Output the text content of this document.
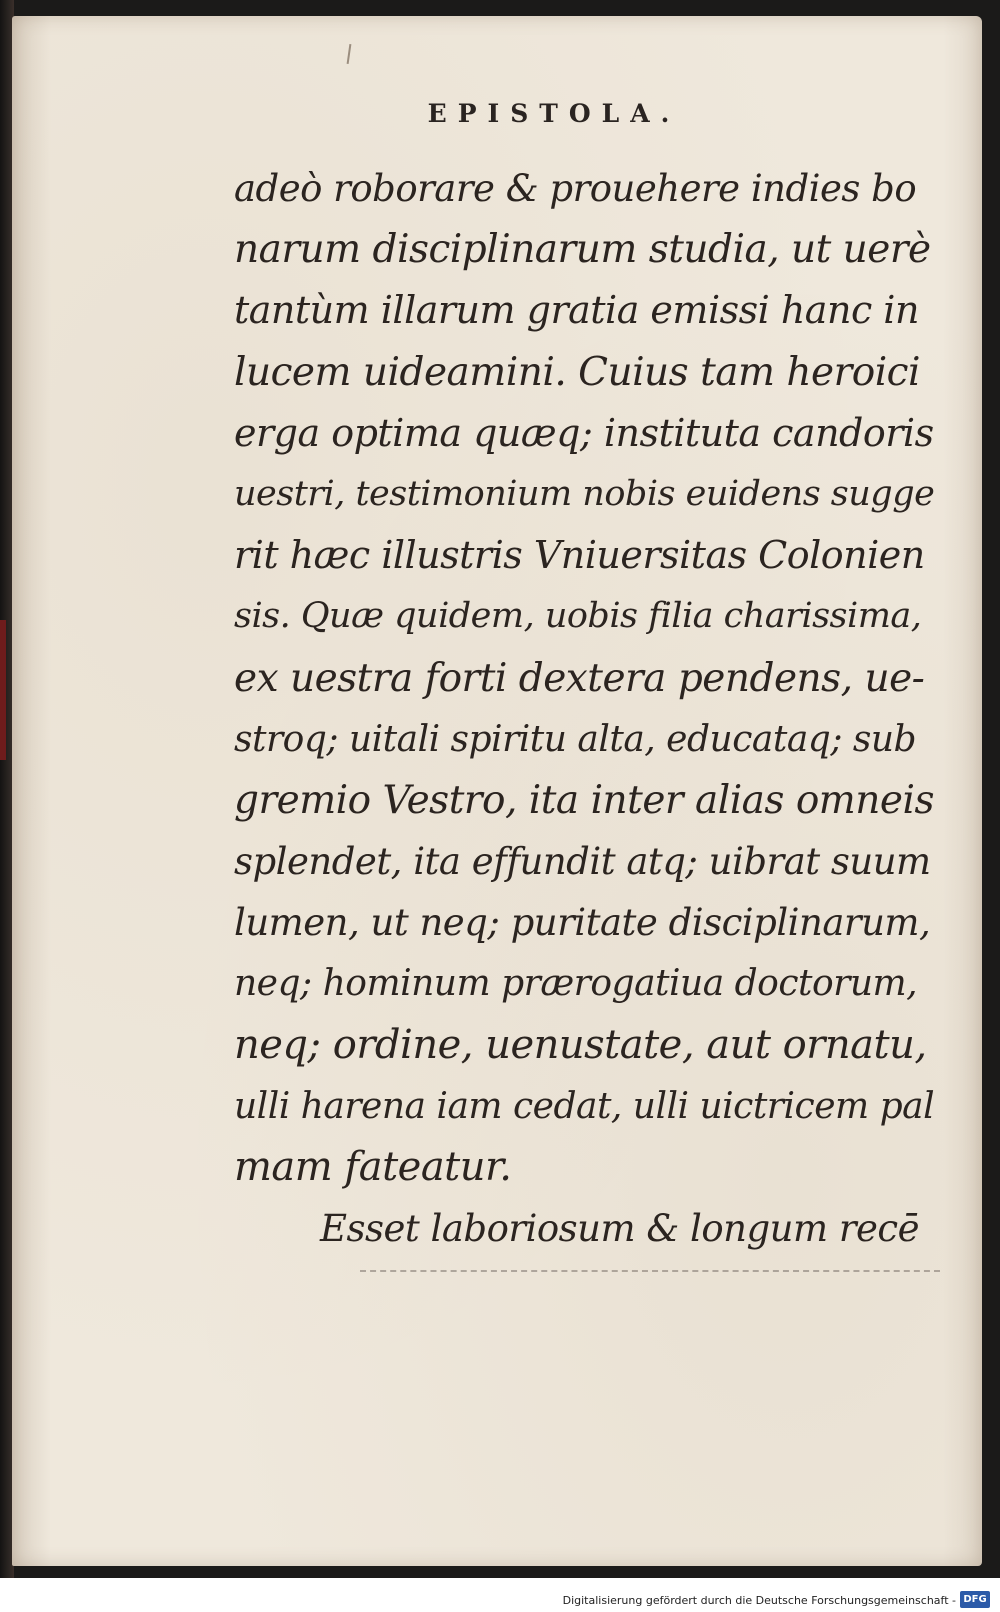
EPISTOLA.
adeò roborare & prouehere indies bo
narum disciplinarum studia, ut uerè
tantùm illarum gratia emissi hanc in
lucem uideamini. Cuius tam heroici
erga optima quæq; instituta candoris
uestri, testimonium nobis euidens sugge
rit hæc illustris Vniuersitas Colonien
sis. Quæ quidem, uobis filia charissima,
ex uestra forti dextera pendens, ue-
stroq; uitali spiritu alta, educataq; sub
gremio Vestro, ita inter alias omneis
splendet, ita effundit atq; uibrat suum
lumen, ut neq; puritate disciplinarum,
neq; hominum prærogatiua doctorum,
neq; ordine, uenustate, aut ornatu,
ulli harena iam cedat, ulli uictricem pal
mam fateatur.
Esset laboriosum & longum recē
Digitalisierung gefördert durch die Deutsche Forschungsgemeinschaft - DFG
